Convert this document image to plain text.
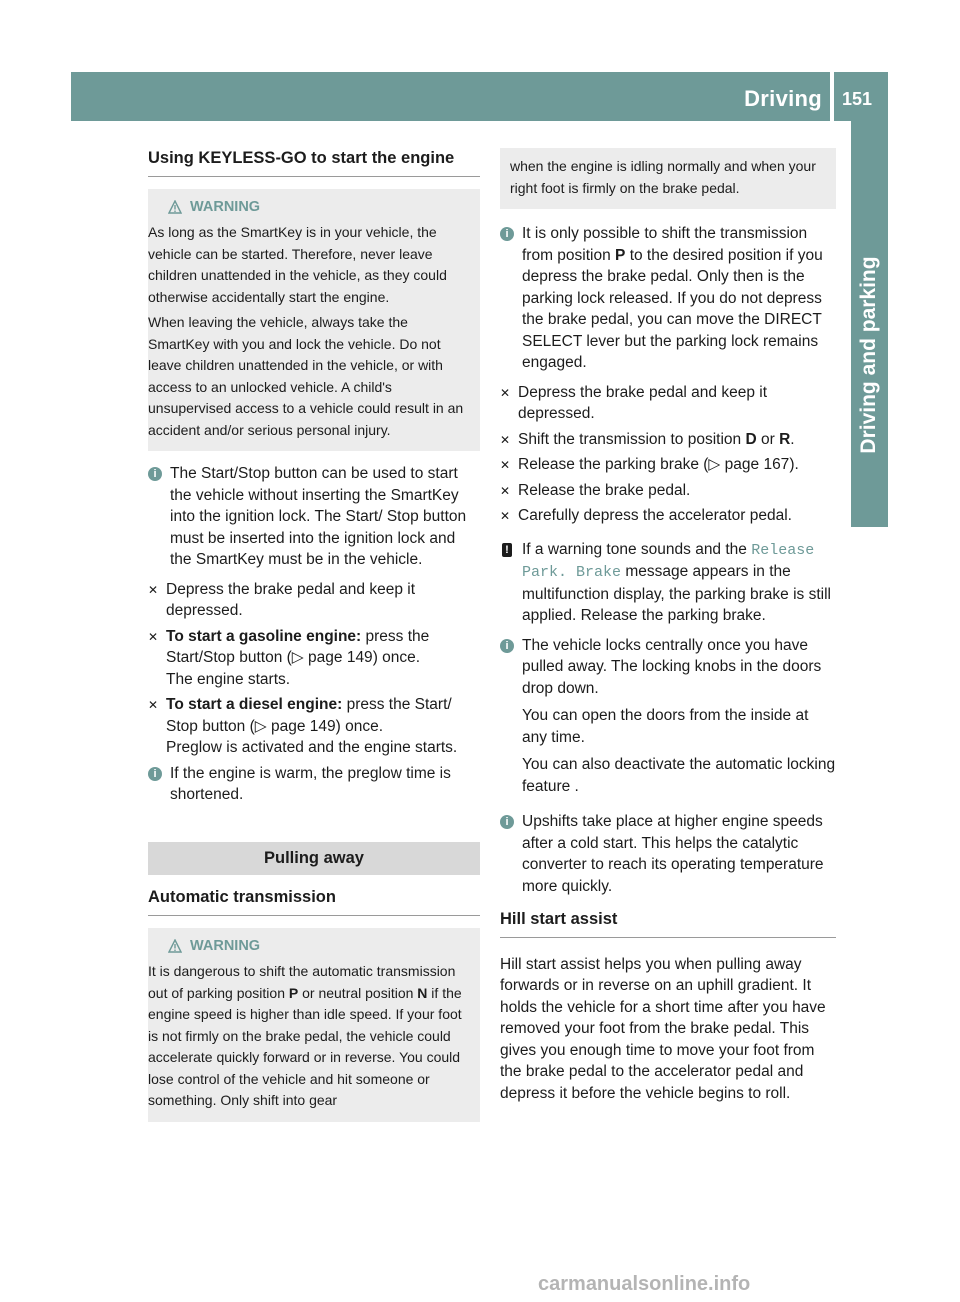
Driving 151
Driving and parking
Using KEYLESS-GO to start the engine
WARNING

As long as the SmartKey is in your vehicle, the vehicle can be started. Therefore, never leave children unattended in the vehicle, as they could otherwise accidentally start the engine.

When leaving the vehicle, always take the SmartKey with you and lock the vehicle. Do not leave children unattended in the vehicle, or with access to an unlocked vehicle. A child's unsupervised access to a vehicle could result in an accident and/or serious personal injury.

i The Start/Stop button can be used to start the vehicle without inserting the SmartKey into the ignition lock. The Start/ Stop button must be inserted into the ignition lock and the SmartKey must be in the vehicle.
✕ Depress the brake pedal and keep it depressed.
✕ To start a gasoline engine: press the Start/Stop button (▷ page 149) once.
The engine starts.
✕ To start a diesel engine: press the Start/ Stop button (▷ page 149) once.
Preglow is activated and the engine starts.
i If the engine is warm, the preglow time is shortened.
Pulling away
Automatic transmission
WARNING

It is dangerous to shift the automatic transmission out of parking position P or neutral position N if the engine speed is higher than idle speed. If your foot is not firmly on the brake pedal, the vehicle could accelerate quickly forward or in reverse. You could lose control of the vehicle and hit someone or something. Only shift into gear

when the engine is idling normally and when your right foot is firmly on the brake pedal.

i It is only possible to shift the transmission from position P to the desired position if you depress the brake pedal. Only then is the parking lock released. If you do not depress the brake pedal, you can move the DIRECT SELECT lever but the parking lock remains engaged.
✕ Depress the brake pedal and keep it depressed.
✕ Shift the transmission to position D or R.
✕ Release the parking brake (▷ page 167).
✕ Release the brake pedal.
✕ Carefully depress the accelerator pedal.
! If a warning tone sounds and the Release Park. Brake message appears in the multifunction display, the parking brake is still applied. Release the parking brake.
i The vehicle locks centrally once you have pulled away. The locking knobs in the doors drop down.

You can open the doors from the inside at any time.

You can also deactivate the automatic locking feature .

i Upshifts take place at higher engine speeds after a cold start. This helps the catalytic converter to reach its operating temperature more quickly.
Hill start assist
Hill start assist helps you when pulling away forwards or in reverse on an uphill gradient. It holds the vehicle for a short time after you have removed your foot from the brake pedal. This gives you enough time to move your foot from the brake pedal to the accelerator pedal and depress it before the vehicle begins to roll.
carmanualsonline.info
